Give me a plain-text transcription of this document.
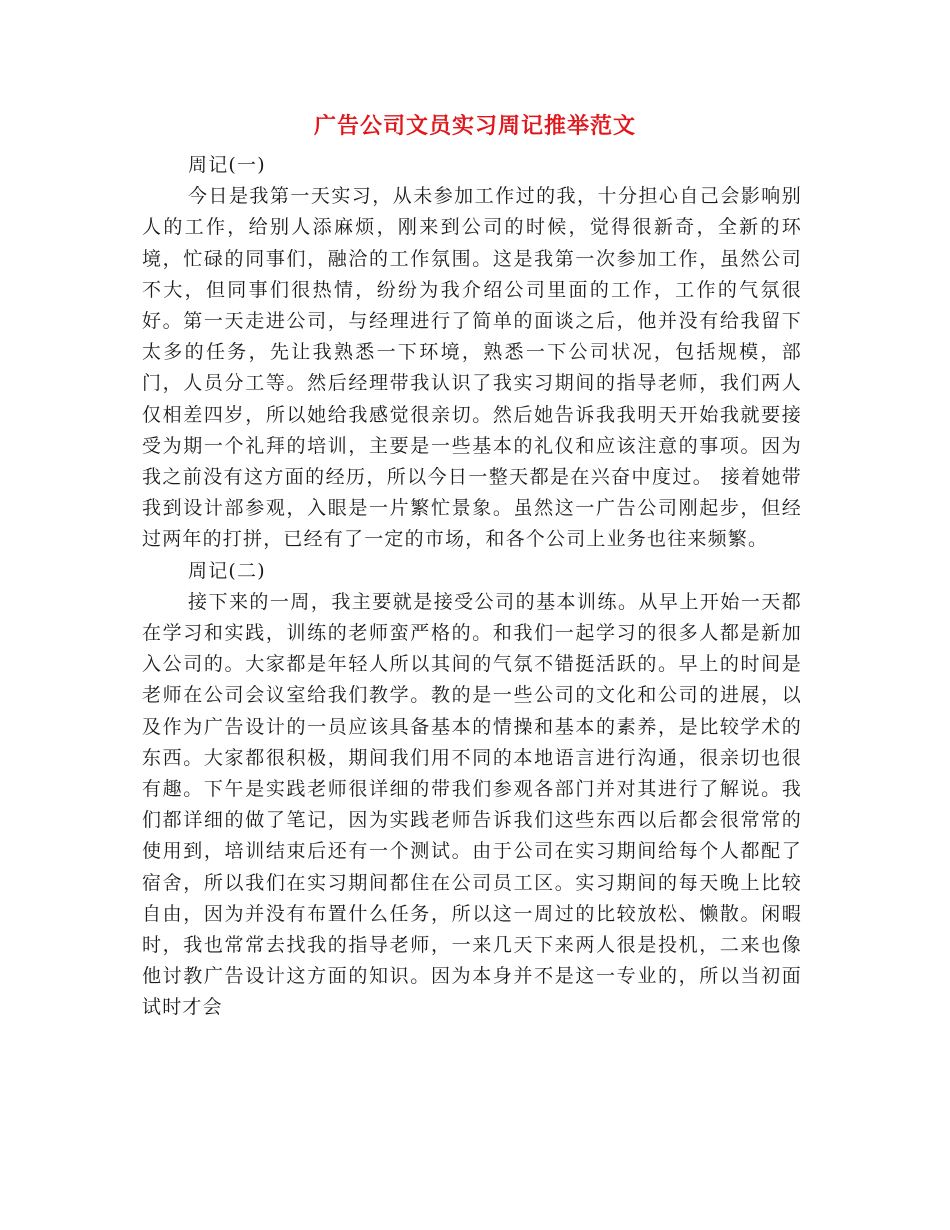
广告公司文员实习周记推举范文

周记(一)

今日是我第一天实习，从未参加工作过的我，十分担心自己会影响别人的工作，给别人添麻烦，刚来到公司的时候，觉得很新奇，全新的环境，忙碌的同事们，融洽的工作氛围。这是我第一次参加工作，虽然公司不大，但同事们很热情，纷纷为我介绍公司里面的工作，工作的气氛很好。第一天走进公司，与经理进行了简单的面谈之后，他并没有给我留下太多的任务，先让我熟悉一下环境，熟悉一下公司状况，包括规模，部门，人员分工等。然后经理带我认识了我实习期间的指导老师，我们两人仅相差四岁，所以她给我感觉很亲切。然后她告诉我我明天开始我就要接受为期一个礼拜的培训，主要是一些基本的礼仪和应该注意的事项。因为我之前没有这方面的经历，所以今日一整天都是在兴奋中度过。 接着她带我到设计部参观，入眼是一片繁忙景象。虽然这一广告公司刚起步，但经过两年的打拼，已经有了一定的市场，和各个公司上业务也往来频繁。

周记(二)

接下来的一周，我主要就是接受公司的基本训练。从早上开始一天都在学习和实践，训练的老师蛮严格的。和我们一起学习的很多人都是新加入公司的。大家都是年轻人所以其间的气氛不错挺活跃的。早上的时间是老师在公司会议室给我们教学。教的是一些公司的文化和公司的进展，以及作为广告设计的一员应该具备基本的情操和基本的素养，是比较学术的东西。大家都很积极，期间我们用不同的本地语言进行沟通，很亲切也很有趣。下午是实践老师很详细的带我们参观各部门并对其进行了解说。我们都详细的做了笔记，因为实践老师告诉我们这些东西以后都会很常常的使用到，培训结束后还有一个测试。由于公司在实习期间给每个人都配了宿舍，所以我们在实习期间都住在公司员工区。实习期间的每天晚上比较自由，因为并没有布置什么任务，所以这一周过的比较放松、懒散。闲暇时，我也常常去找我的指导老师，一来几天下来两人很是投机，二来也像他讨教广告设计这方面的知识。因为本身并不是这一专业的，所以当初面试时才会
